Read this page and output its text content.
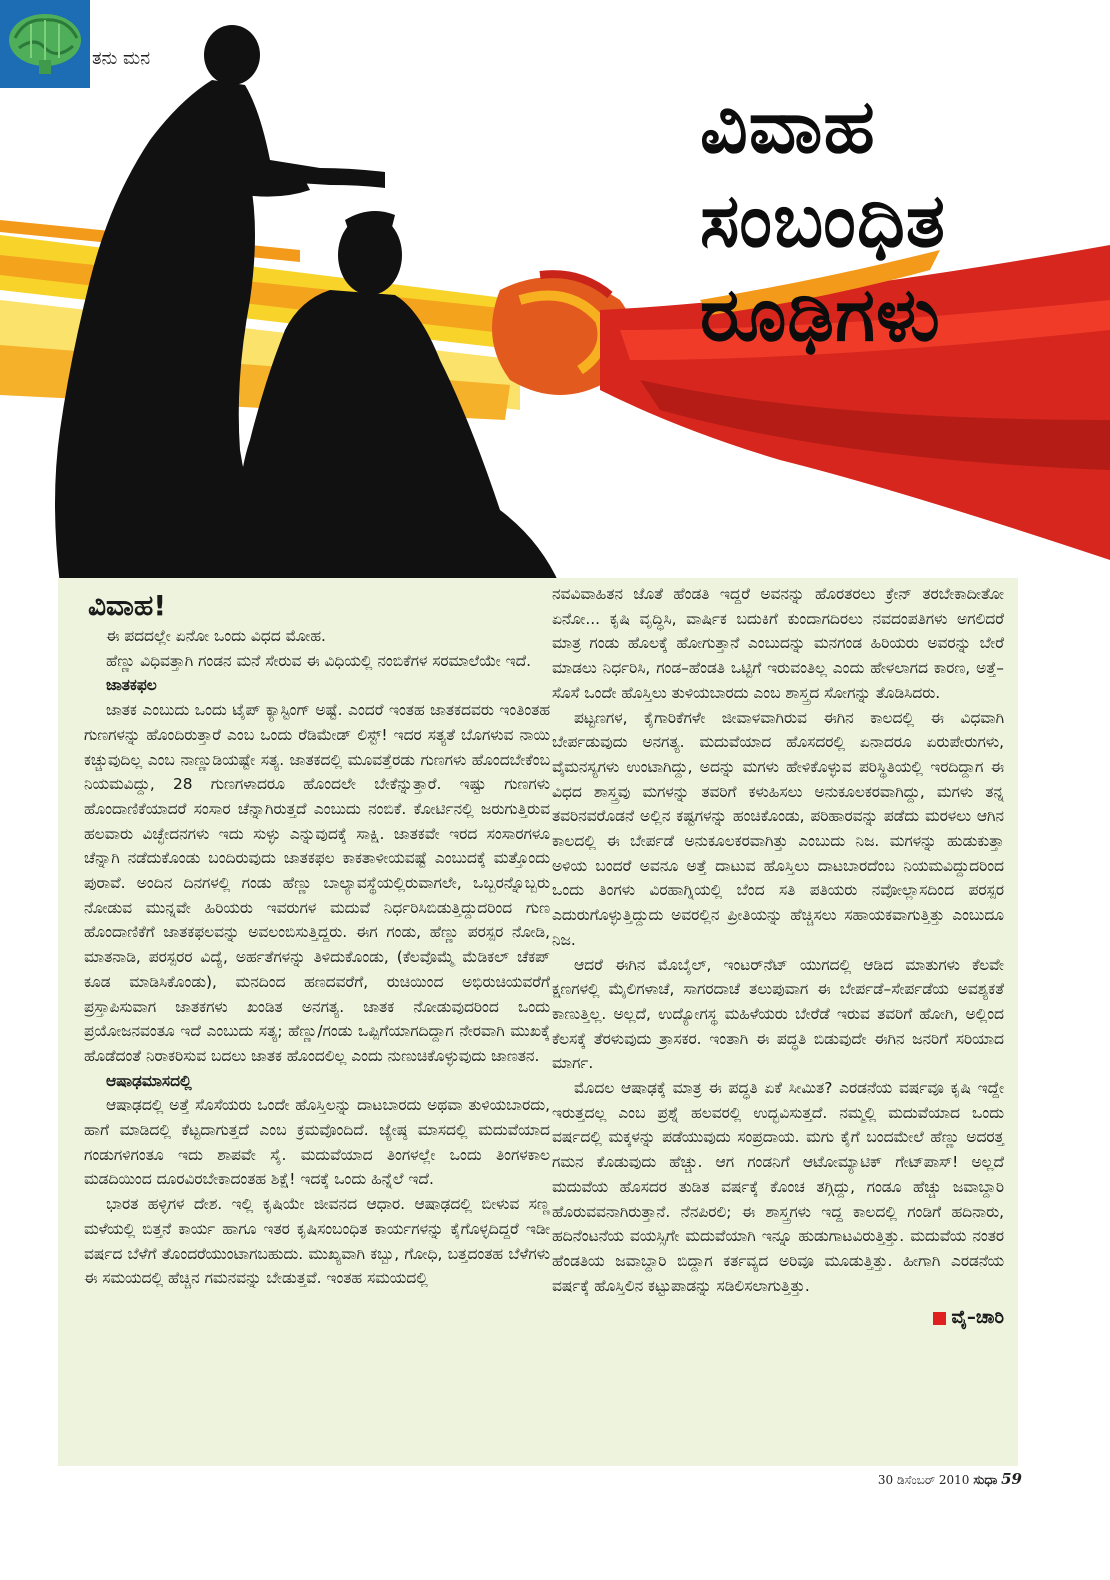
ತನು ಮನ
ವಿವಾಹ
ಸಂಬಂಧಿತ
ರೂಢಿಗಳು
ವಿವಾಹ!

ಈ ಪದದಲ್ಲೇ ಏನೋ ಒಂದು ವಿಧದ ಮೋಹ.

ಹೆಣ್ಣು ವಿಧಿವತ್ತಾಗಿ ಗಂಡನ ಮನೆ ಸೇರುವ ಈ ವಿಧಿಯಲ್ಲಿ ನಂಬಿಕೆಗಳ ಸರಮಾಲೆಯೇ ಇದೆ.

ಜಾತಕಫಲ

ಜಾತಕ ಎಂಬುದು ಒಂದು ಟೈಪ್ ಕ್ಯಾಸ್ಟಿಂಗ್ ಅಷ್ಟೆ. ಎಂದರೆ ಇಂತಹ ಜಾತಕದವರು ಇಂತಿಂತಹ ಗುಣಗಳನ್ನು ಹೊಂದಿರುತ್ತಾರೆ ಎಂಬ ಒಂದು ರೆಡಿಮೇಡ್ ಲಿಸ್ಟ್! ಇದರ ಸತ್ಯತೆ ಬೊಗಳುವ ನಾಯಿ ಕಚ್ಚುವುದಿಲ್ಲ ಎಂಬ ನಾಣ್ಣುಡಿಯಷ್ಟೇ ಸತ್ಯ. ಜಾತಕದಲ್ಲಿ ಮೂವತ್ತೆರಡು ಗುಣಗಳು ಹೊಂದಬೇಕೆಂಬ ನಿಯಮವಿದ್ದು, 28 ಗುಣಗಳಾದರೂ ಹೊಂದಲೇ ಬೇಕೆನ್ನುತ್ತಾರೆ. ಇಷ್ಟು ಗುಣಗಳು ಹೊಂದಾಣಿಕೆಯಾದರೆ ಸಂಸಾರ ಚೆನ್ನಾಗಿರುತ್ತದೆ ಎಂಬುದು ನಂಬಿಕೆ. ಕೋರ್ಟಿನಲ್ಲಿ ಜರುಗುತ್ತಿರುವ ಹಲವಾರು ವಿಚ್ಛೇದನಗಳು ಇದು ಸುಳ್ಳು ಎನ್ನುವುದಕ್ಕೆ ಸಾಕ್ಷಿ. ಜಾತಕವೇ ಇರದ ಸಂಸಾರಗಳೂ ಚೆನ್ನಾಗಿ ನಡೆದುಕೊಂಡು ಬಂದಿರುವುದು ಜಾತಕಫಲ ಕಾಕತಾಳೀಯವಷ್ಟೆ ಎಂಬುದಕ್ಕೆ ಮತ್ತೊಂದು ಪುರಾವೆ. ಅಂದಿನ ದಿನಗಳಲ್ಲಿ ಗಂಡು ಹೆಣ್ಣು ಬಾಲ್ಯಾವಸ್ಥೆಯಲ್ಲಿರುವಾಗಲೇ, ಒಬ್ಬರನ್ನೊಬ್ಬರು ನೋಡುವ ಮುನ್ನವೇ ಹಿರಿಯರು ಇವರುಗಳ ಮದುವೆ ನಿರ್ಧರಿಸಿಬಿಡುತ್ತಿದ್ದುದರಿಂದ ಗುಣ ಹೊಂದಾಣಿಕೆಗೆ ಜಾತಕಫಲವನ್ನು ಅವಲಂಬಿಸುತ್ತಿದ್ದರು. ಈಗ ಗಂಡು, ಹೆಣ್ಣು ಪರಸ್ಪರ ನೋಡಿ, ಮಾತನಾಡಿ, ಪರಸ್ಪರರ ವಿದ್ಯೆ, ಅರ್ಹತೆಗಳನ್ನು ತಿಳಿದುಕೊಂಡು, (ಕೆಲವೊಮ್ಮೆ ಮೆಡಿಕಲ್ ಚೆಕಪ್ ಕೂಡ ಮಾಡಿಸಿಕೊಂಡು), ಮನದಿಂದ ಹಣದವರೆಗೆ, ರುಚಿಯಿಂದ ಅಭಿರುಚಿಯವರೆಗೆ ಪ್ರಸ್ತಾಪಿಸುವಾಗ ಜಾತಕಗಳು ಖಂಡಿತ ಅನಗತ್ಯ. ಜಾತಕ ನೋಡುವುದರಿಂದ ಒಂದು ಪ್ರಯೋಜನವಂತೂ ಇದೆ ಎಂಬುದು ಸತ್ಯ; ಹೆಣ್ಣು/ಗಂಡು ಒಪ್ಪಿಗೆಯಾಗದಿದ್ದಾಗ ನೇರವಾಗಿ ಮುಖಕ್ಕೆ ಹೊಡೆದಂತೆ ನಿರಾಕರಿಸುವ ಬದಲು ಜಾತಕ ಹೊಂದಲಿಲ್ಲ ಎಂದು ನುಣುಚಿಕೊಳ್ಳುವುದು ಜಾಣತನ.

ಆಷಾಢಮಾಸದಲ್ಲಿ

ಆಷಾಢದಲ್ಲಿ ಅತ್ತೆ ಸೊಸೆಯರು ಒಂದೇ ಹೊಸ್ತಿಲನ್ನು ದಾಟಬಾರದು ಅಥವಾ ತುಳಿಯಬಾರದು, ಹಾಗೆ ಮಾಡಿದಲ್ಲಿ ಕೆಟ್ಟದಾಗುತ್ತದೆ ಎಂಬ ಕ್ರಮವೊಂದಿದೆ. ಜ್ಯೇಷ್ಠ ಮಾಸದಲ್ಲಿ ಮದುವೆಯಾದ ಗಂಡುಗಳಿಗಂತೂ ಇದು ಶಾಪವೇ ಸೈ. ಮದುವೆಯಾದ ತಿಂಗಳಲ್ಲೇ ಒಂದು ತಿಂಗಳಕಾಲ ಮಡದಿಯಿಂದ ದೂರವಿರಬೇಕಾದಂತಹ ಶಿಕ್ಷೆ! ಇದಕ್ಕೆ ಒಂದು ಹಿನ್ನೆಲೆ ಇದೆ.

ಭಾರತ ಹಳ್ಳಿಗಳ ದೇಶ. ಇಲ್ಲಿ ಕೃಷಿಯೇ ಜೀವನದ ಆಧಾರ. ಆಷಾಢದಲ್ಲಿ ಬೀಳುವ ಸಣ್ಣ ಮಳೆಯಲ್ಲಿ ಬಿತ್ತನೆ ಕಾರ್ಯ ಹಾಗೂ ಇತರ ಕೃಷಿಸಂಬಂಧಿತ ಕಾರ್ಯಗಳನ್ನು ಕೈಗೊಳ್ಳದಿದ್ದರೆ ಇಡೀ ವರ್ಷದ ಬೆಳೆಗೆ ತೊಂದರೆಯುಂಟಾಗಬಹುದು. ಮುಖ್ಯವಾಗಿ ಕಬ್ಬು, ಗೋಧಿ, ಬತ್ತದಂತಹ ಬೆಳೆಗಳು ಈ ಸಮಯದಲ್ಲಿ ಹೆಚ್ಚಿನ ಗಮನವನ್ನು ಬೇಡುತ್ತವೆ. ಇಂತಹ ಸಮಯದಲ್ಲಿ

ನವವಿವಾಹಿತನ ಜೊತೆ ಹೆಂಡತಿ ಇದ್ದರೆ ಅವನನ್ನು ಹೊರತರಲು ಕ್ರೇನ್ ತರಬೇಕಾದೀತೋ ಏನೋ... ಕೃಷಿ ವೃದ್ಧಿಸಿ, ವಾರ್ಷಿಕ ಬದುಕಿಗೆ ಕುಂದಾಗದಿರಲು ನವದಂಪತಿಗಳು ಅಗಲಿದರೆ ಮಾತ್ರ ಗಂಡು ಹೊಲಕ್ಕೆ ಹೋಗುತ್ತಾನೆ ಎಂಬುದನ್ನು ಮನಗಂಡ ಹಿರಿಯರು ಅವರನ್ನು ಬೇರೆ ಮಾಡಲು ನಿರ್ಧರಿಸಿ, ಗಂಡ–ಹೆಂಡತಿ ಒಟ್ಟಿಗೆ ಇರುವಂತಿಲ್ಲ ಎಂದು ಹೇಳಲಾಗದ ಕಾರಣ, ಅತ್ತೆ–ಸೊಸೆ ಒಂದೇ ಹೊಸ್ತಿಲು ತುಳಿಯಬಾರದು ಎಂಬ ಶಾಸ್ತ್ರದ ಸೋಗನ್ನು ತೊಡಿಸಿದರು.

ಪಟ್ಟಣಗಳ, ಕೈಗಾರಿಕೆಗಳೇ ಜೀವಾಳವಾಗಿರುವ ಈಗಿನ ಕಾಲದಲ್ಲಿ ಈ ವಿಧವಾಗಿ ಬೇರ್ಪಡುವುದು ಅನಗತ್ಯ. ಮದುವೆಯಾದ ಹೊಸದರಲ್ಲಿ ಏನಾದರೂ ಏರುಪೇರುಗಳು, ವೈಮನಸ್ಯಗಳು ಉಂಟಾಗಿದ್ದು, ಅದನ್ನು ಮಗಳು ಹೇಳಿಕೊಳ್ಳುವ ಪರಿಸ್ಥಿತಿಯಲ್ಲಿ ಇರದಿದ್ದಾಗ ಈ ವಿಧದ ಶಾಸ್ತ್ರವು ಮಗಳನ್ನು ತವರಿಗೆ ಕಳುಹಿಸಲು ಅನುಕೂಲಕರವಾಗಿದ್ದು, ಮಗಳು ತನ್ನ ತವರಿನವರೊಡನೆ ಅಲ್ಲಿನ ಕಷ್ಟಗಳನ್ನು ಹಂಚಿಕೊಂಡು, ಪರಿಹಾರವನ್ನು ಪಡೆದು ಮರಳಲು ಆಗಿನ ಕಾಲದಲ್ಲಿ ಈ ಬೇರ್ಪಡೆ ಅನುಕೂಲಕರವಾಗಿತ್ತು ಎಂಬುದು ನಿಜ. ಮಗಳನ್ನು ಹುಡುಕುತ್ತಾ ಅಳಿಯ ಬಂದರೆ ಅವನೂ ಅತ್ತೆ ದಾಟುವ ಹೊಸ್ತಿಲು ದಾಟಬಾರದೆಂಬ ನಿಯಮವಿದ್ದುದರಿಂದ ಒಂದು ತಿಂಗಳು ವಿರಹಾಗ್ನಿಯಲ್ಲಿ ಬೆಂದ ಸತಿ ಪತಿಯರು ನವೋಲ್ಲಾಸದಿಂದ ಪರಸ್ಪರ ಎದುರುಗೊಳ್ಳುತ್ತಿದ್ದುದು ಅವರಲ್ಲಿನ ಪ್ರೀತಿಯನ್ನು ಹೆಚ್ಚಿಸಲು ಸಹಾಯಕವಾಗುತ್ತಿತ್ತು ಎಂಬುದೂ ನಿಜ.

ಆದರೆ ಈಗಿನ ಮೊಬೈಲ್, ಇಂಟರ್‌ನೆಟ್ ಯುಗದಲ್ಲಿ ಆಡಿದ ಮಾತುಗಳು ಕೆಲವೇ ಕ್ಷಣಗಳಲ್ಲಿ ಮೈಲಿಗಳಾಚೆ, ಸಾಗರದಾಚೆ ತಲುಪುವಾಗ ಈ ಬೇರ್ಪಡೆ–ಸೇರ್ಪಡೆಯ ಅವಶ್ಯಕತೆ ಕಾಣುತ್ತಿಲ್ಲ. ಅಲ್ಲದೆ, ಉದ್ಯೋಗಸ್ಥ ಮಹಿಳೆಯರು ಬೇರೆಡೆ ಇರುವ ತವರಿಗೆ ಹೋಗಿ, ಅಲ್ಲಿಂದ ಕೆಲಸಕ್ಕೆ ತೆರಳುವುದು ತ್ರಾಸಕರ. ಇಂತಾಗಿ ಈ ಪದ್ಧತಿ ಬಿಡುವುದೇ ಈಗಿನ ಜನರಿಗೆ ಸರಿಯಾದ ಮಾರ್ಗ.

ಮೊದಲ ಆಷಾಢಕ್ಕೆ ಮಾತ್ರ ಈ ಪದ್ಧತಿ ಏಕೆ ಸೀಮಿತ? ಎರಡನೆಯ ವರ್ಷವೂ ಕೃಷಿ ಇದ್ದೇ ಇರುತ್ತದಲ್ಲ ಎಂಬ ಪ್ರಶ್ನೆ ಹಲವರಲ್ಲಿ ಉದ್ಭವಿಸುತ್ತದೆ. ನಮ್ಮಲ್ಲಿ ಮದುವೆಯಾದ ಒಂದು ವರ್ಷದಲ್ಲಿ ಮಕ್ಕಳನ್ನು ಪಡೆಯುವುದು ಸಂಪ್ರದಾಯ. ಮಗು ಕೈಗೆ ಬಂದಮೇಲೆ ಹೆಣ್ಣು ಅದರತ್ತ ಗಮನ ಕೊಡುವುದು ಹೆಚ್ಚು. ಆಗ ಗಂಡನಿಗೆ ಆಟೋಮ್ಯಾಟಿಕ್ ಗೇಟ್‌ಪಾಸ್! ಅಲ್ಲದೆ ಮದುವೆಯ ಹೊಸದರ ತುಡಿತ ವರ್ಷಕ್ಕೆ ಕೊಂಚ ತಗ್ಗಿದ್ದು, ಗಂಡೂ ಹೆಚ್ಚು ಜವಾಬ್ದಾರಿ ಹೊರುವವನಾಗಿರುತ್ತಾನೆ. ನೆನಪಿರಲಿ; ಈ ಶಾಸ್ತ್ರಗಳು ಇದ್ದ ಕಾಲದಲ್ಲಿ ಗಂಡಿಗೆ ಹದಿನಾರು, ಹದಿನೆಂಟನೆಯ ವಯಸ್ಸಿಗೇ ಮದುವೆಯಾಗಿ ಇನ್ನೂ ಹುಡುಗಾಟವಿರುತ್ತಿತ್ತು. ಮದುವೆಯ ನಂತರ ಹೆಂಡತಿಯ ಜವಾಬ್ದಾರಿ ಬಿದ್ದಾಗ ಕರ್ತವ್ಯದ ಅರಿವೂ ಮೂಡುತ್ತಿತ್ತು. ಹೀಗಾಗಿ ಎರಡನೆಯ ವರ್ಷಕ್ಕೆ ಹೊಸ್ತಿಲಿನ ಕಟ್ಟುಪಾಡನ್ನು ಸಡಿಲಿಸಲಾಗುತ್ತಿತ್ತು.

ವೈ–ಚಾರಿ
30 ಡಿಸೆಂಬರ್ 2010 ಸುಧಾ 59
